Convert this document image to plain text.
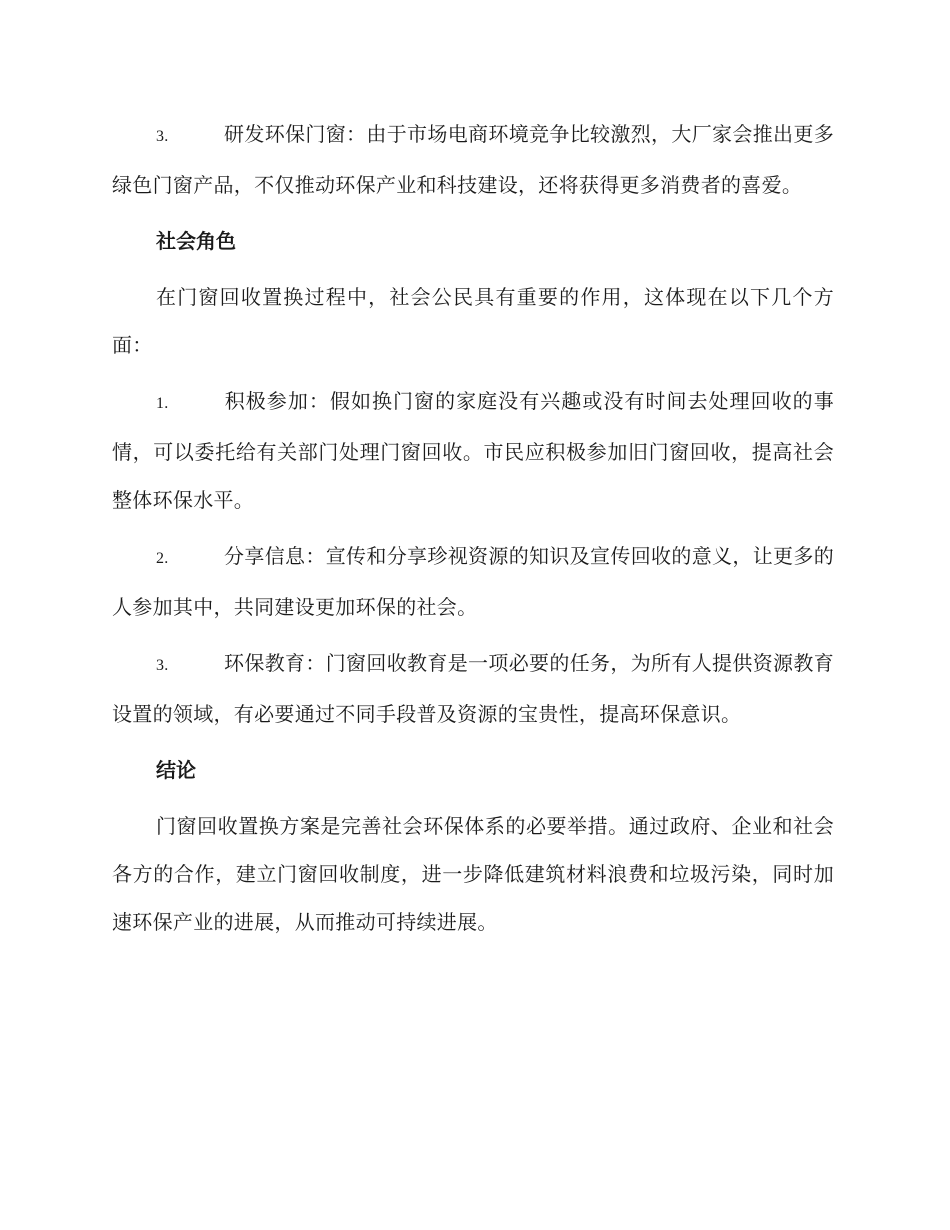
3.	研发环保门窗：由于市场电商环境竞争比较激烈，大厂家会推出更多绿色门窗产品，不仅推动环保产业和科技建设，还将获得更多消费者的喜爱。

社会角色

在门窗回收置换过程中，社会公民具有重要的作用，这体现在以下几个方面：

1.	积极参加：假如换门窗的家庭没有兴趣或没有时间去处理回收的事情，可以委托给有关部门处理门窗回收。市民应积极参加旧门窗回收，提高社会整体环保水平。

2.	分享信息：宣传和分享珍视资源的知识及宣传回收的意义，让更多的人参加其中，共同建设更加环保的社会。

3.	环保教育：门窗回收教育是一项必要的任务，为所有人提供资源教育设置的领域，有必要通过不同手段普及资源的宝贵性，提高环保意识。

结论

门窗回收置换方案是完善社会环保体系的必要举措。通过政府、企业和社会各方的合作，建立门窗回收制度，进一步降低建筑材料浪费和垃圾污染，同时加速环保产业的进展，从而推动可持续进展。
